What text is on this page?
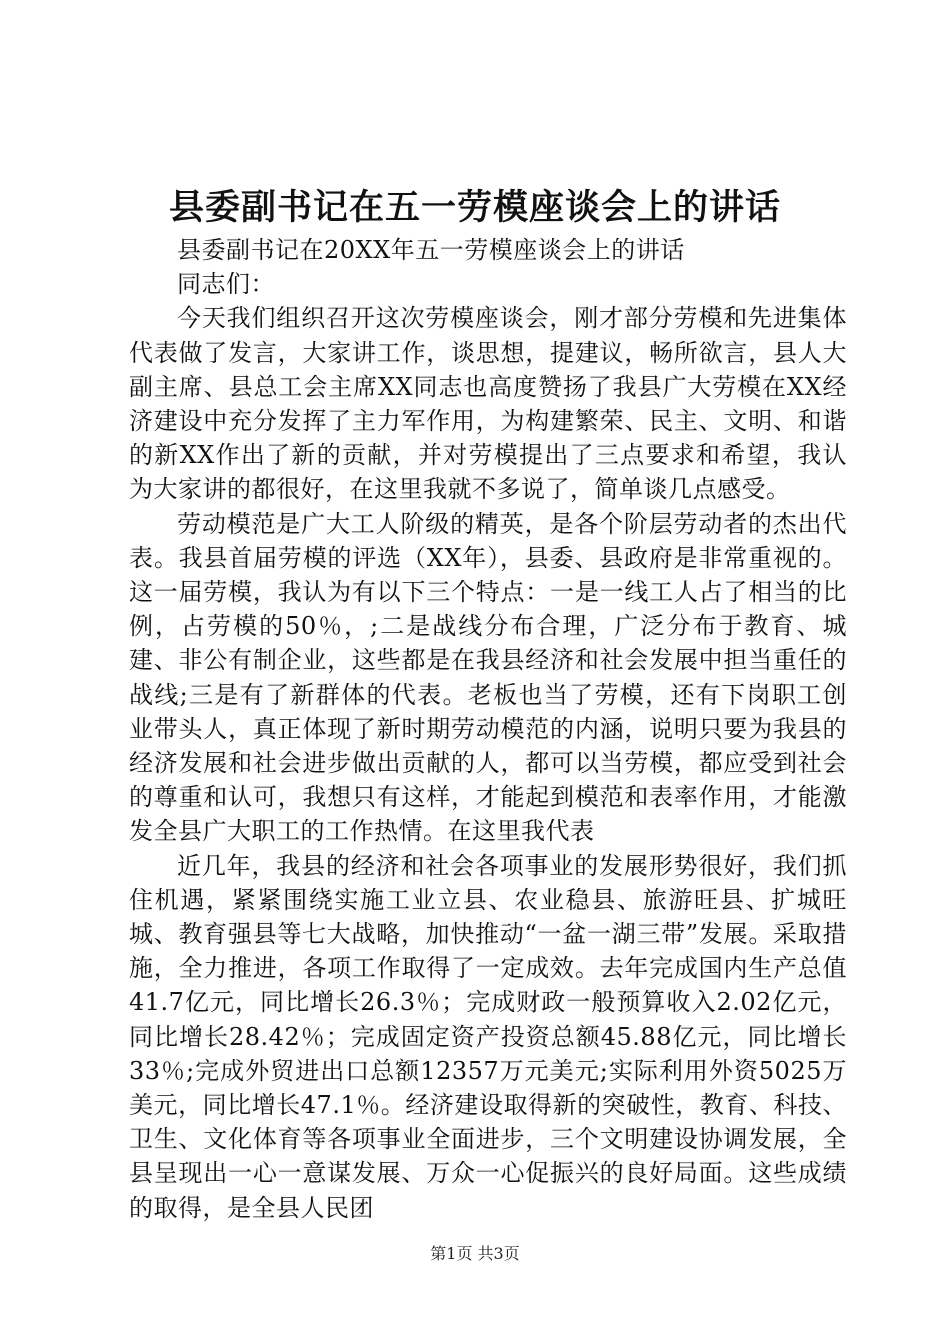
县委副书记在五一劳模座谈会上的讲话

县委副书记在20XX年五一劳模座谈会上的讲话

同志们：

今天我们组织召开这次劳模座谈会，刚才部分劳模和先进集体代表做了发言，大家讲工作，谈思想，提建议，畅所欲言，县人大副主席、县总工会主席XX同志也高度赞扬了我县广大劳模在XX经济建设中充分发挥了主力军作用，为构建繁荣、民主、文明、和谐的新XX作出了新的贡献，并对劳模提出了三点要求和希望，我认为大家讲的都很好，在这里我就不多说了，简单谈几点感受。

劳动模范是广大工人阶级的精英，是各个阶层劳动者的杰出代表。我县首届劳模的评选（XX年），县委、县政府是非常重视的。这一届劳模，我认为有以下三个特点：一是一线工人占了相当的比例，占劳模的50％，;二是战线分布合理，广泛分布于教育、城建、非公有制企业，这些都是在我县经济和社会发展中担当重任的战线;三是有了新群体的代表。老板也当了劳模，还有下岗职工创业带头人，真正体现了新时期劳动模范的内涵，说明只要为我县的经济发展和社会进步做出贡献的人，都可以当劳模，都应受到社会的尊重和认可，我想只有这样，才能起到模范和表率作用，才能激发全县广大职工的工作热情。在这里我代表

近几年，我县的经济和社会各项事业的发展形势很好，我们抓住机遇，紧紧围绕实施工业立县、农业稳县、旅游旺县、扩城旺城、教育强县等七大战略，加快推动“一盆一湖三带”发展。采取措施，全力推进，各项工作取得了一定成效。去年完成国内生产总值41.7亿元，同比增长26.3％；完成财政一般预算收入2.02亿元，同比增长28.42％；完成固定资产投资总额45.88亿元，同比增长33％;完成外贸进出口总额12357万元美元;实际利用外资5025万美元，同比增长47.1％。经济建设取得新的突破性，教育、科技、卫生、文化体育等各项事业全面进步，三个文明建设协调发展，全县呈现出一心一意谋发展、万众一心促振兴的良好局面。这些成绩的取得，是全县人民团

第1页 共3页
